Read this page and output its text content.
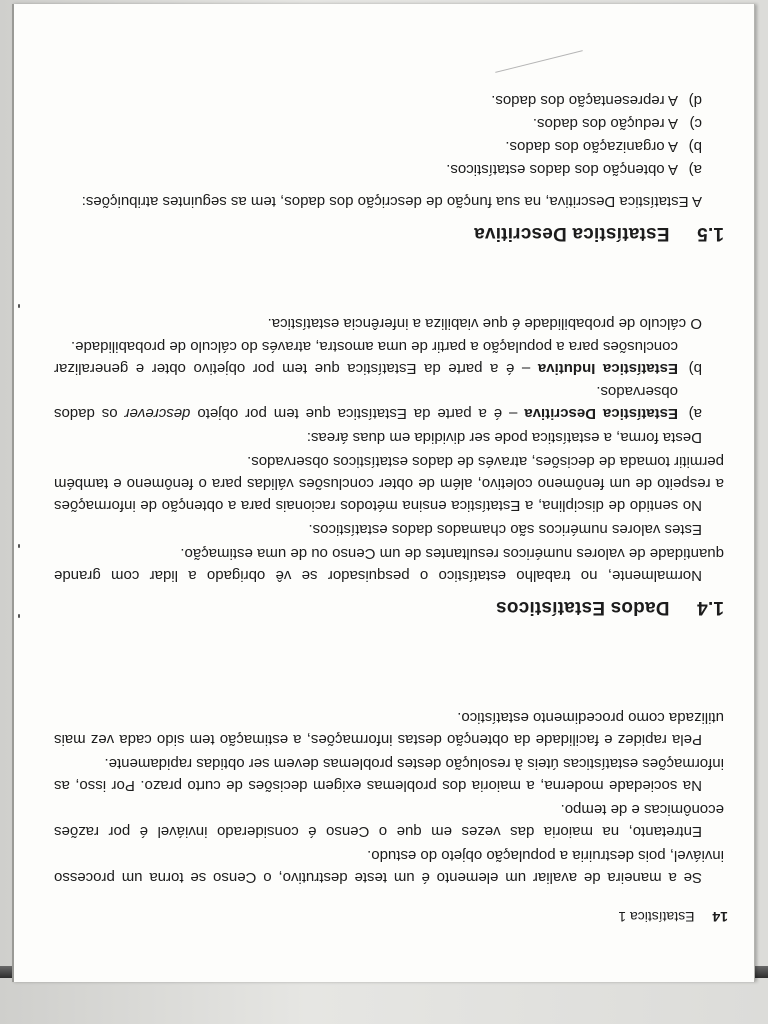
14 Estatística 1

Se a maneira de avaliar um elemento é um teste destrutivo, o Censo se torna um processo inviável, pois destruiria a população objeto do estudo.

Entretanto, na maioria das vezes em que o Censo é considerado inviável é por razões econômicas e de tempo.

Na sociedade moderna, a maioria dos problemas exigem decisões de curto prazo. Por isso, as informações estatísticas úteis à resolução destes problemas devem ser obtidas rapidamente.

Pela rapidez e facilidade da obtenção destas informações, a estimação tem sido cada vez mais utilizada como procedimento estatístico.

1.4 Dados Estatísticos

Normalmente, no trabalho estatístico o pesquisador se vê obrigado a lidar com grande quantidade de valores numéricos resultantes de um Censo ou de uma estimação.

Estes valores numéricos são chamados dados estatísticos.

No sentido de disciplina, a Estatística ensina métodos racionais para a obtenção de informações a respeito de um fenômeno coletivo, além de obter conclusões válidas para o fenômeno e também permitir tomada de decisões, através de dados estatísticos observados.

Desta forma, a estatística pode ser dividida em duas áreas:

a)
Estatística Descritiva – é a parte da Estatística que tem por objeto descrever os dados observados.
b)
Estatística Indutiva – é a parte da Estatística que tem por objetivo obter e generalizar conclusões para a população a partir de uma amostra, através do cálculo de probabilidade.

O cálculo de probabilidade é que viabiliza a inferência estatística.

1.5 Estatística Descritiva

A Estatística Descritiva, na sua função de descrição dos dados, tem as seguintes atribuições:

a)
A obtenção dos dados estatísticos.
b)
A organização dos dados.
c)
A redução dos dados.
d)
A representação dos dados.
